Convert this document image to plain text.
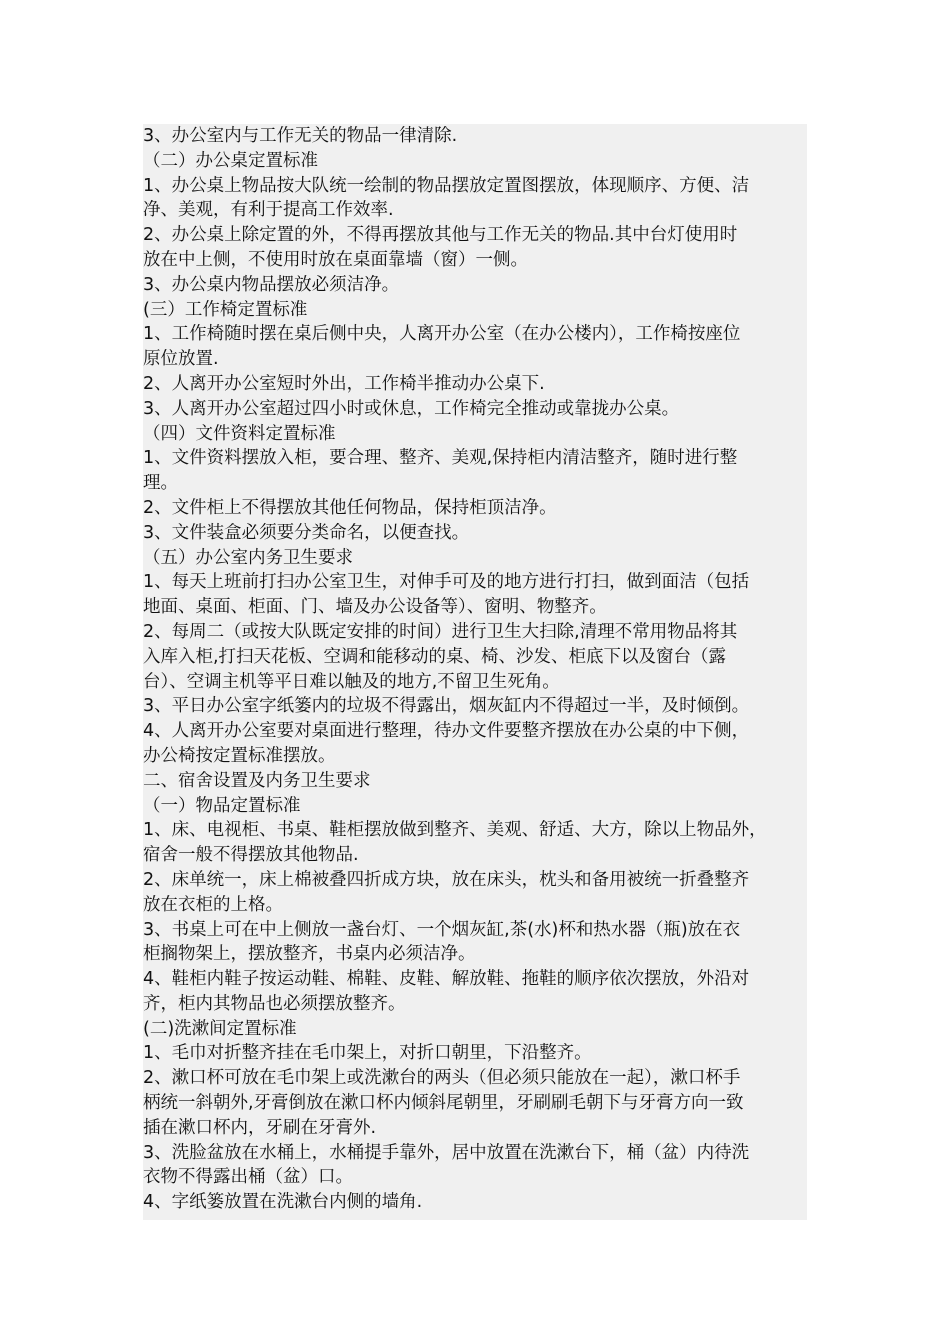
3、办公室内与工作无关的物品一律清除.
（二）办公桌定置标准
1、办公桌上物品按大队统一绘制的物品摆放定置图摆放，体现顺序、方便、洁
净、美观，有利于提高工作效率.
2、办公桌上除定置的外，不得再摆放其他与工作无关的物品.其中台灯使用时
放在中上侧，不使用时放在桌面靠墙（窗）一侧。
3、办公桌内物品摆放必须洁净。
(三）工作椅定置标准
1、工作椅随时摆在桌后侧中央，人离开办公室（在办公楼内），工作椅按座位
原位放置.
2、人离开办公室短时外出，工作椅半推动办公桌下.
3、人离开办公室超过四小时或休息，工作椅完全推动或靠拢办公桌。
（四）文件资料定置标准
1、文件资料摆放入柜，要合理、整齐、美观,保持柜内清洁整齐，随时进行整
理。
2、文件柜上不得摆放其他任何物品，保持柜顶洁净。
3、文件装盒必须要分类命名，以便查找。
（五）办公室内务卫生要求
1、每天上班前打扫办公室卫生，对伸手可及的地方进行打扫，做到面洁（包括
地面、桌面、柜面、门、墙及办公设备等）、窗明、物整齐。
2、每周二（或按大队既定安排的时间）进行卫生大扫除,清理不常用物品将其
入库入柜,打扫天花板、空调和能移动的桌、椅、沙发、柜底下以及窗台（露
台）、空调主机等平日难以触及的地方,不留卫生死角。
3、平日办公室字纸篓内的垃圾不得露出，烟灰缸内不得超过一半，及时倾倒。
4、人离开办公室要对桌面进行整理，待办文件要整齐摆放在办公桌的中下侧，
办公椅按定置标准摆放。
二、宿舍设置及内务卫生要求
（一）物品定置标准
1、床、电视柜、书桌、鞋柜摆放做到整齐、美观、舒适、大方，除以上物品外，
宿舍一般不得摆放其他物品.
2、床单统一，床上棉被叠四折成方块，放在床头，枕头和备用被统一折叠整齐
放在衣柜的上格。
3、书桌上可在中上侧放一盏台灯、一个烟灰缸,茶(水)杯和热水器（瓶)放在衣
柜搁物架上，摆放整齐，书桌内必须洁净。
4、鞋柜内鞋子按运动鞋、棉鞋、皮鞋、解放鞋、拖鞋的顺序依次摆放，外沿对
齐，柜内其物品也必须摆放整齐。
(二)洗漱间定置标准
1、毛巾对折整齐挂在毛巾架上，对折口朝里，下沿整齐。
2、漱口杯可放在毛巾架上或洗漱台的两头（但必须只能放在一起），漱口杯手
柄统一斜朝外,牙膏倒放在漱口杯内倾斜尾朝里，牙刷刷毛朝下与牙膏方向一致
插在漱口杯内，牙刷在牙膏外.
3、洗脸盆放在水桶上，水桶提手靠外，居中放置在洗漱台下，桶（盆）内待洗
衣物不得露出桶（盆）口。
4、字纸篓放置在洗漱台内侧的墙角.
